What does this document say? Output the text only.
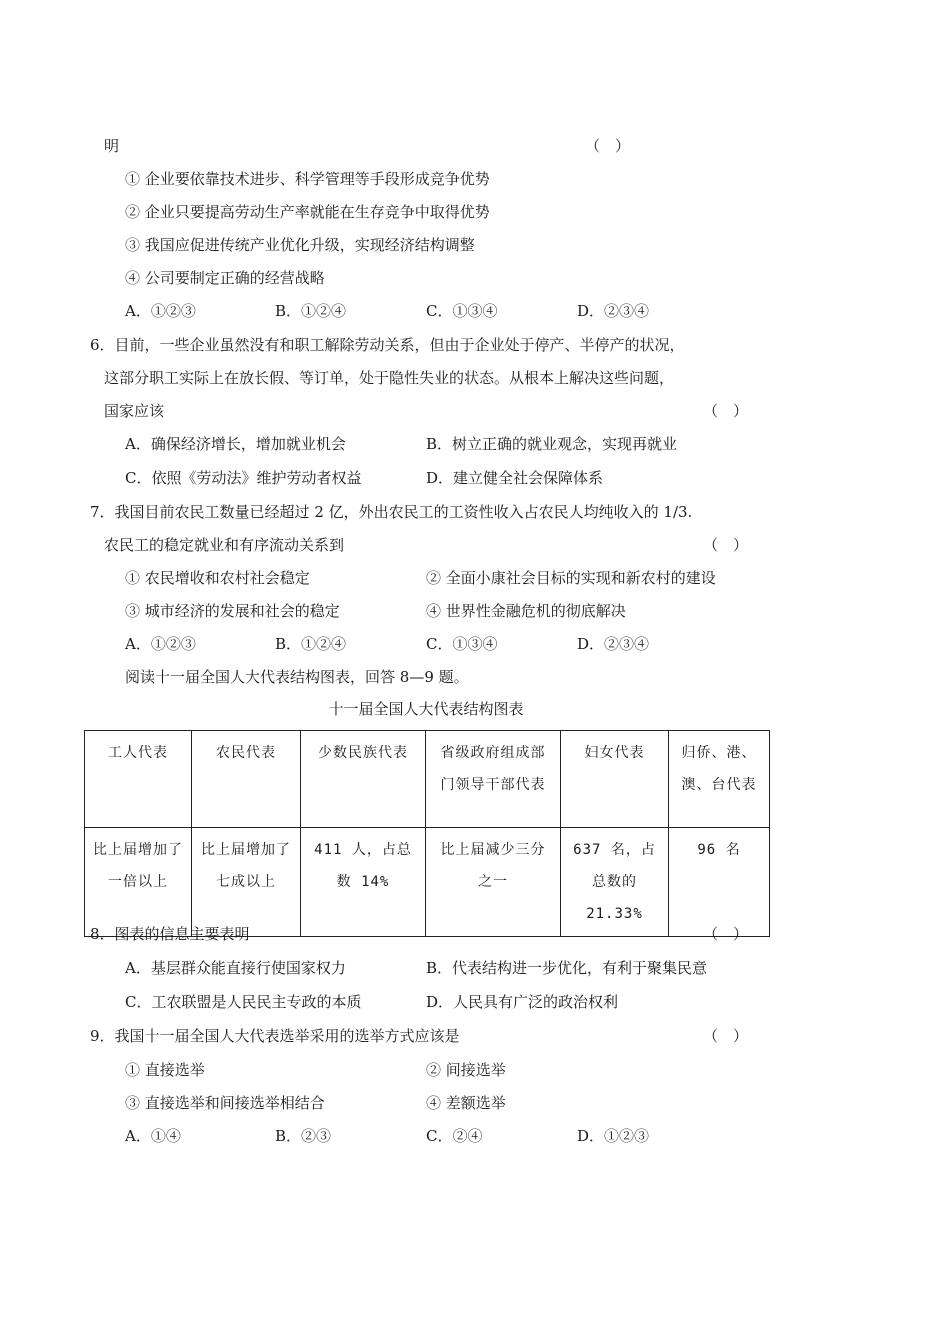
明	（　）
① 企业要依靠技术进步、科学管理等手段形成竞争优势
② 企业只要提高劳动生产率就能在生存竞争中取得优势
③ 我国应促进传统产业优化升级，实现经济结构调整
④ 公司要制定正确的经营战略
A．①②③	B．①②④	C．①③④	D．②③④
6．目前，一些企业虽然没有和职工解除劳动关系，但由于企业处于停产、半停产的状况，
这部分职工实际上在放长假、等订单，处于隐性失业的状态。从根本上解决这些问题，
国家应该	（　）
A．确保经济增长，增加就业机会	B．树立正确的就业观念，实现再就业
C．依照《劳动法》维护劳动者权益	D．建立健全社会保障体系
7．我国目前农民工数量已经超过 2 亿，外出农民工的工资性收入占农民人均纯收入的 1/3.
农民工的稳定就业和有序流动关系到	（　）
① 农民增收和农村社会稳定	② 全面小康社会目标的实现和新农村的建设
③ 城市经济的发展和社会的稳定	④ 世界性金融危机的彻底解决
A．①②③	B．①②④	C．①③④	D．②③④
阅读十一届全国人大代表结构图表，回答 8—9 题。
十一届全国人大代表结构图表
工人代表	农民代表	少数民族代表	省级政府组成部门领导干部代表	妇女代表	归侨、港、澳、台代表
比上届增加了一倍以上	比上届增加了七成以上	411 人，占总数 14%	比上届减少三分之一	637 名，占总数的 21.33%	96 名
8．图表的信息主要表明	（　）
A．基层群众能直接行使国家权力	B．代表结构进一步优化，有利于聚集民意
C．工农联盟是人民民主专政的本质	D．人民具有广泛的政治权利
9．我国十一届全国人大代表选举采用的选举方式应该是	（　）
① 直接选举	② 间接选举
③ 直接选举和间接选举相结合	④ 差额选举
A．①④	B．②③	C．②④	D．①②③
